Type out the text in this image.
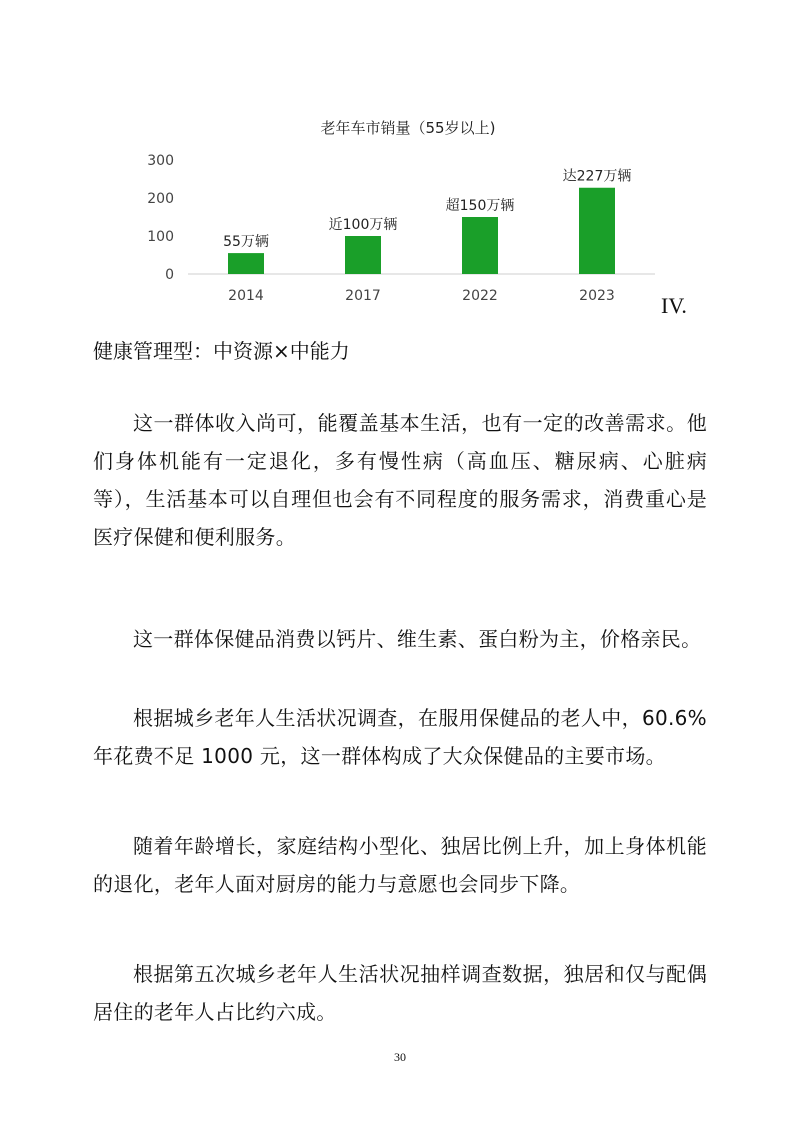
老年车市销量（55岁以上)
0
100
200
300
55万辆
近100万辆
超150万辆
达227万辆
2014	2017	2022	2023 IV.
健康管理型：中资源×中能力

这一群体收入尚可，能覆盖基本生活，也有一定的改善需求。他们身体机能有一定退化，多有慢性病（高血压、糖尿病、心脏病等），生活基本可以自理但也会有不同程度的服务需求，消费重心是医疗保健和便利服务。

这一群体保健品消费以钙片、维生素、蛋白粉为主，价格亲民。

根据城乡老年人生活状况调查，在服用保健品的老人中，60.6%年花费不足 1000 元，这一群体构成了大众保健品的主要市场。

随着年龄增长，家庭结构小型化、独居比例上升，加上身体机能的退化，老年人面对厨房的能力与意愿也会同步下降。

根据第五次城乡老年人生活状况抽样调查数据，独居和仅与配偶居住的老年人占比约六成。

30
